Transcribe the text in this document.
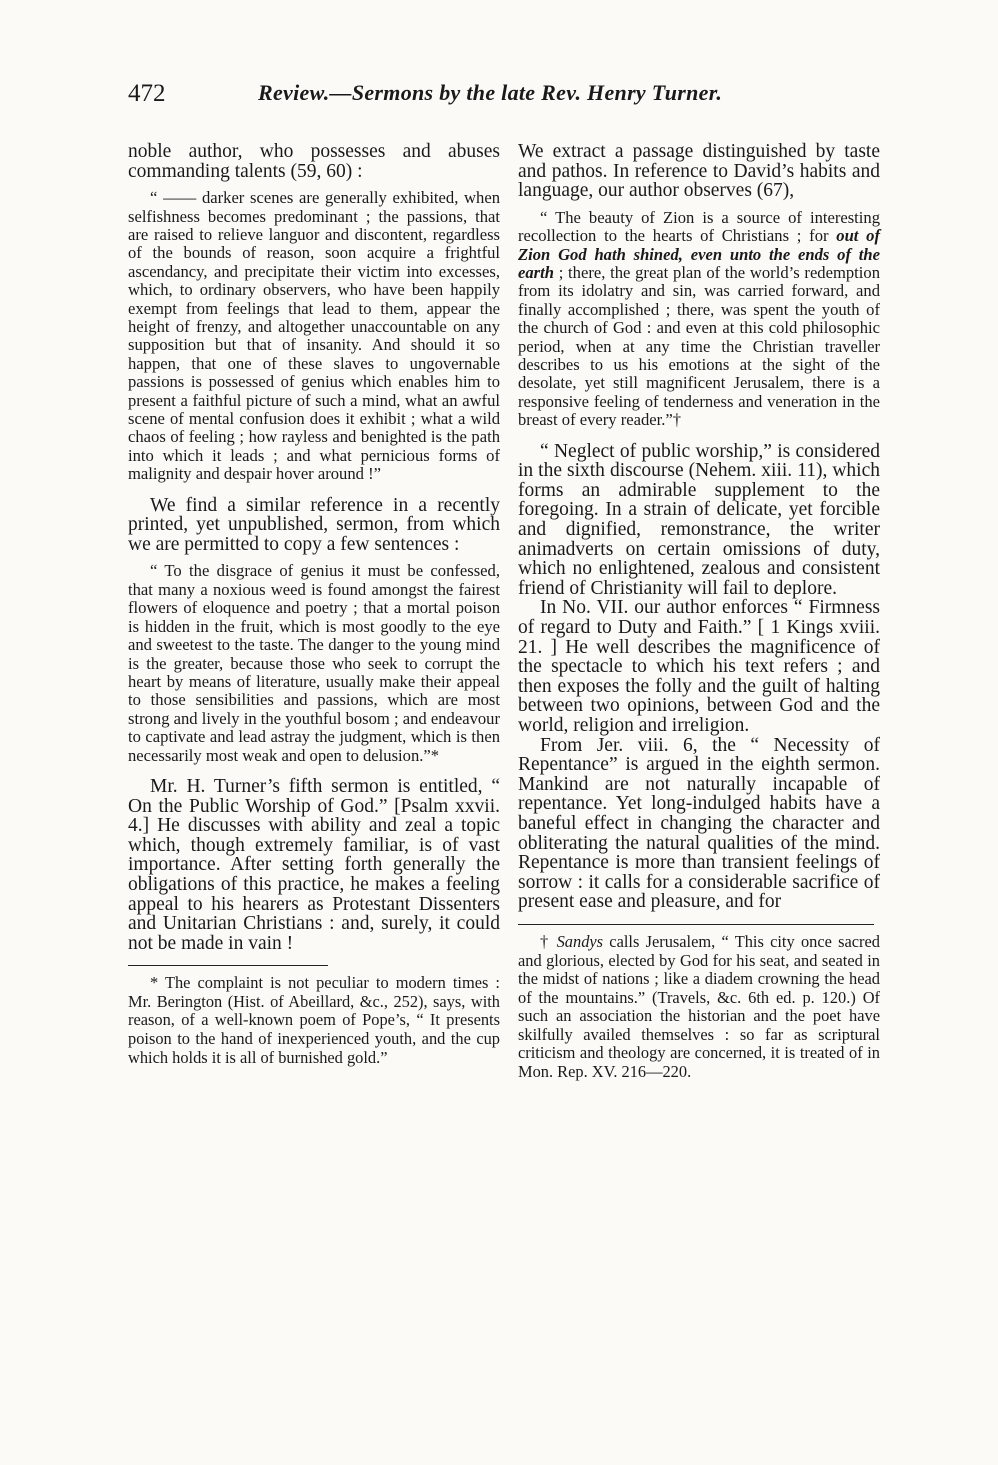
472	Review.—Sermons by the late Rev. Henry Turner.

noble author, who possesses and abuses commanding talents (59, 60) :

“ —— darker scenes are generally exhibited, when selfishness becomes predominant ; the passions, that are raised to relieve languor and discontent, regardless of the bounds of reason, soon acquire a frightful ascendancy, and precipitate their victim into excesses, which, to ordinary observers, who have been happily exempt from feelings that lead to them, appear the height of frenzy, and altogether unaccountable on any supposition but that of insanity. And should it so happen, that one of these slaves to ungovernable passions is possessed of genius which enables him to present a faithful picture of such a mind, what an awful scene of mental confusion does it exhibit ; what a wild chaos of feeling ; how rayless and benighted is the path into which it leads ; and what pernicious forms of malignity and despair hover around !”

We find a similar reference in a recently printed, yet unpublished, sermon, from which we are permitted to copy a few sentences :

“ To the disgrace of genius it must be confessed, that many a noxious weed is found amongst the fairest flowers of eloquence and poetry ; that a mortal poison is hidden in the fruit, which is most goodly to the eye and sweetest to the taste. The danger to the young mind is the greater, because those who seek to corrupt the heart by means of literature, usually make their appeal to those sensibilities and passions, which are most strong and lively in the youthful bosom ; and endeavour to captivate and lead astray the judgment, which is then necessarily most weak and open to delusion.”*

Mr. H. Turner’s fifth sermon is entitled, “ On the Public Worship of God.” [Psalm xxvii. 4.] He discusses with ability and zeal a topic which, though extremely familiar, is of vast importance. After setting forth generally the obligations of this practice, he makes a feeling appeal to his hearers as Protestant Dissenters and Unitarian Christians : and, surely, it could not be made in vain !

* The complaint is not peculiar to modern times : Mr. Berington (Hist. of Abeillard, &c., 252), says, with reason, of a well-known poem of Pope’s, “ It presents poison to the hand of inexperienced youth, and the cup which holds it is all of burnished gold.”

We extract a passage distinguished by taste and pathos. In reference to David’s habits and language, our author observes (67),

“ The beauty of Zion is a source of interesting recollection to the hearts of Christians ; for out of Zion God hath shined, even unto the ends of the earth ; there, the great plan of the world’s redemption from its idolatry and sin, was carried forward, and finally accomplished ; there, was spent the youth of the church of God : and even at this cold philosophic period, when at any time the Christian traveller describes to us his emotions at the sight of the desolate, yet still magnificent Jerusalem, there is a responsive feeling of tenderness and veneration in the breast of every reader.”†

“ Neglect of public worship,” is considered in the sixth discourse (Nehem. xiii. 11), which forms an admirable supplement to the foregoing. In a strain of delicate, yet forcible and dignified, remonstrance, the writer animadverts on certain omissions of duty, which no enlightened, zealous and consistent friend of Christianity will fail to deplore.

In No. VII. our author enforces “ Firmness of regard to Duty and Faith.” [ 1 Kings xviii. 21. ] He well describes the magnificence of the spectacle to which his text refers ; and then exposes the folly and the guilt of halting between two opinions, between God and the world, religion and irreligion.

From Jer. viii. 6, the “ Necessity of Repentance” is argued in the eighth sermon. Mankind are not naturally incapable of repentance. Yet long-indulged habits have a baneful effect in changing the character and obliterating the natural qualities of the mind. Repentance is more than transient feelings of sorrow : it calls for a considerable sacrifice of present ease and pleasure, and for

† Sandys calls Jerusalem, “ This city once sacred and glorious, elected by God for his seat, and seated in the midst of nations ; like a diadem crowning the head of the mountains.” (Travels, &c. 6th ed. p. 120.) Of such an association the historian and the poet have skilfully availed themselves : so far as scriptural criticism and theology are concerned, it is treated of in Mon. Rep. XV. 216—220.
